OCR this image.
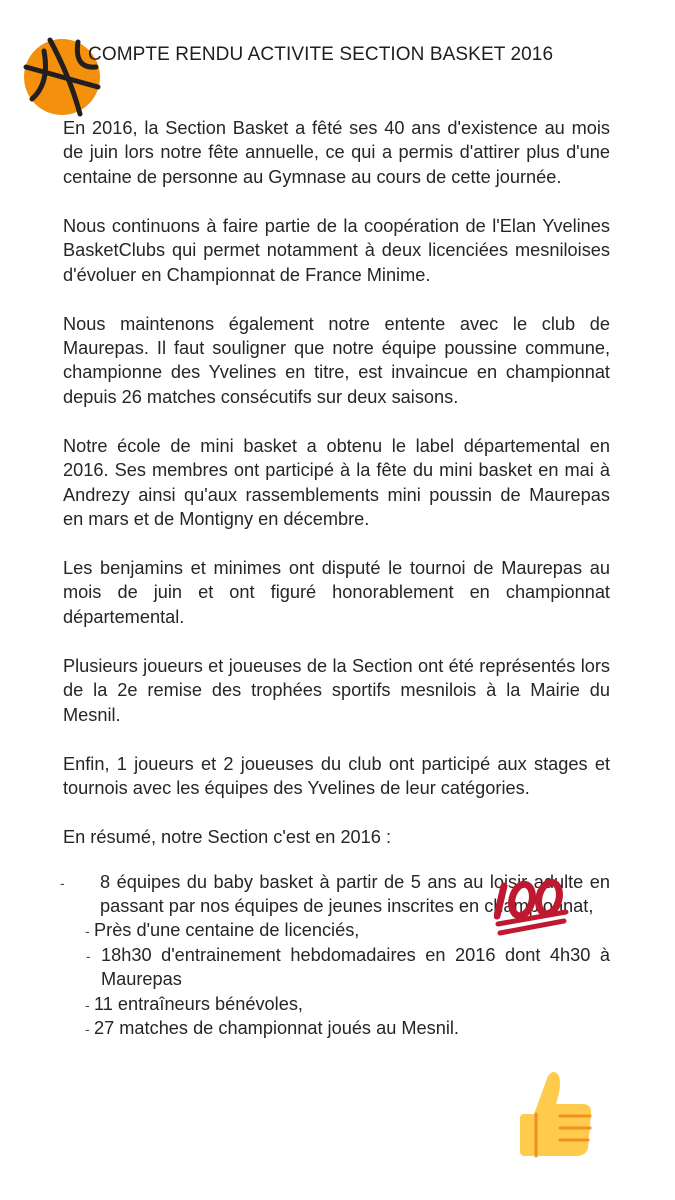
COMPTE RENDU ACTIVITE SECTION BASKET 2016

En 2016, la Section Basket a fêté ses 40 ans d'existence au mois de juin lors notre fête annuelle, ce qui a permis d'attirer plus d'une centaine de personne au Gymnase au cours de cette journée.

Nous continuons à faire partie de la coopération de l'Elan Yvelines BasketClubs qui permet notamment à deux licenciées mesniloises d'évoluer en Championnat de France Minime.

Nous maintenons également notre entente avec le club de Maurepas. Il faut souligner que notre équipe poussine commune, championne des Yvelines en titre, est invaincue en championnat depuis 26 matches consécutifs sur deux saisons.

Notre école de mini basket a obtenu le label départemental en 2016. Ses membres ont participé à la fête du mini basket en mai à Andrezy ainsi qu'aux rassemblements mini poussin de Maurepas en mars et de Montigny en décembre.

Les benjamins et minimes ont disputé le tournoi de Maurepas au mois de juin et ont figuré honorablement en championnat départemental.

Plusieurs joueurs et joueuses de la Section ont été représentés lors de la 2e remise des trophées sportifs mesnilois à la Mairie du Mesnil.

Enfin, 1 joueurs et 2 joueuses du club ont participé aux stages et tournois avec les équipes des Yvelines de leur catégories.

En résumé, notre Section c'est en 2016 :

- 8 équipes du baby basket à partir de 5 ans au loisir adulte en passant par nos équipes de jeunes inscrites en championnat,
- Près d'une centaine de licenciés,
- 18h30 d'entrainement hebdomadaires en 2016 dont 4h30 à Maurepas
- 11 entraîneurs bénévoles,
- 27 matches de championnat joués au Mesnil.
